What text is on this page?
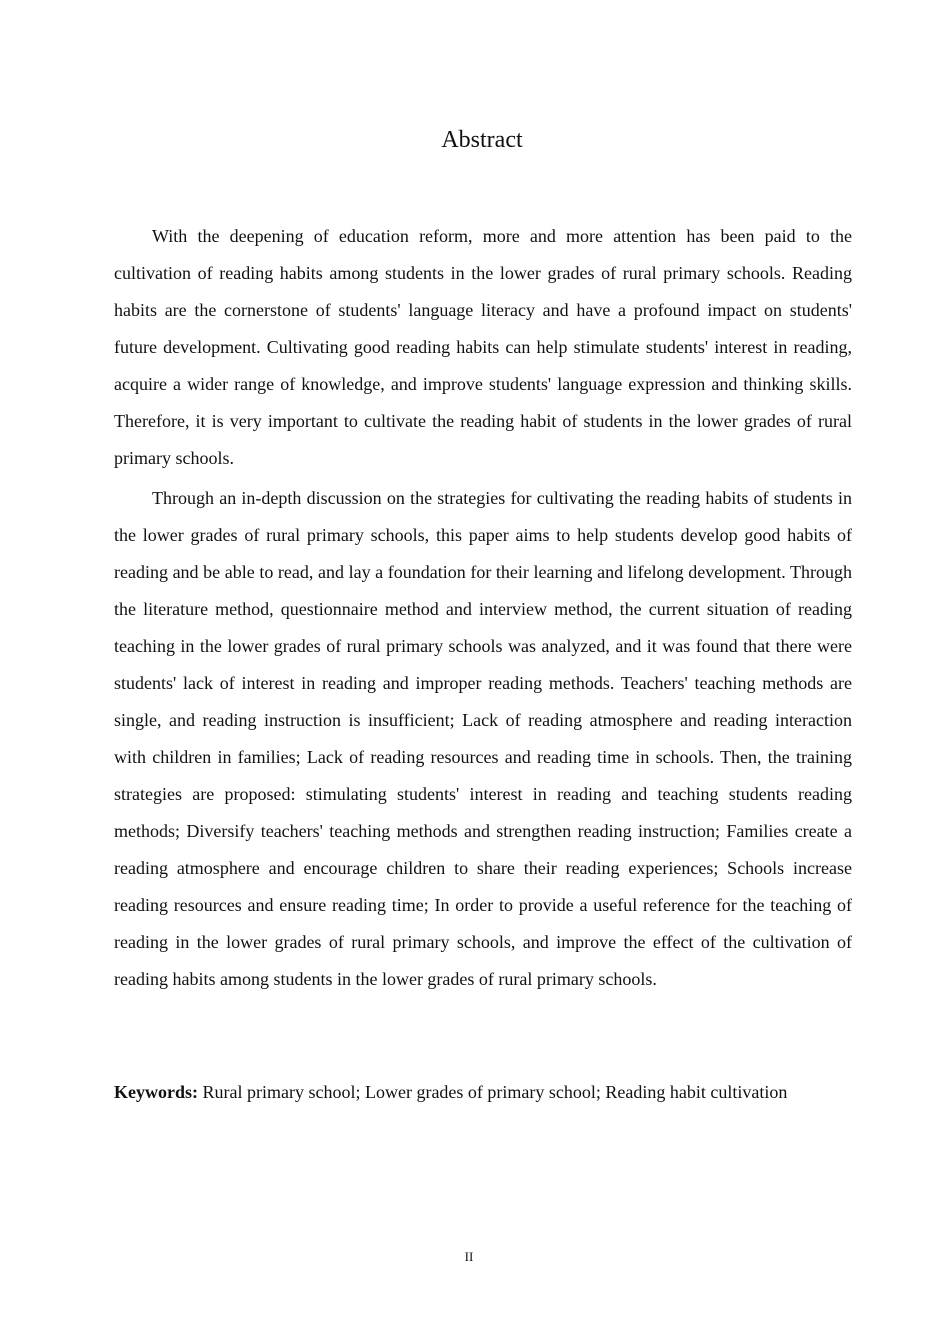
Abstract

With the deepening of education reform, more and more attention has been paid to the cultivation of reading habits among students in the lower grades of rural primary schools. Reading habits are the cornerstone of students' language literacy and have a profound impact on students' future development. Cultivating good reading habits can help stimulate students' interest in reading, acquire a wider range of knowledge, and improve students' language expression and thinking skills. Therefore, it is very important to cultivate the reading habit of students in the lower grades of rural primary schools.

Through an in-depth discussion on the strategies for cultivating the reading habits of students in the lower grades of rural primary schools, this paper aims to help students develop good habits of reading and be able to read, and lay a foundation for their learning and lifelong development. Through the literature method, questionnaire method and interview method, the current situation of reading teaching in the lower grades of rural primary schools was analyzed, and it was found that there were students' lack of interest in reading and improper reading methods. Teachers' teaching methods are single, and reading instruction is insufficient; Lack of reading atmosphere and reading interaction with children in families; Lack of reading resources and reading time in schools. Then, the training strategies are proposed: stimulating students' interest in reading and teaching students reading methods; Diversify teachers' teaching methods and strengthen reading instruction; Families create a reading atmosphere and encourage children to share their reading experiences; Schools increase reading resources and ensure reading time; In order to provide a useful reference for the teaching of reading in the lower grades of rural primary schools, and improve the effect of the cultivation of reading habits among students in the lower grades of rural primary schools.

Keywords: Rural primary school; Lower grades of primary school; Reading habit cultivation

II
